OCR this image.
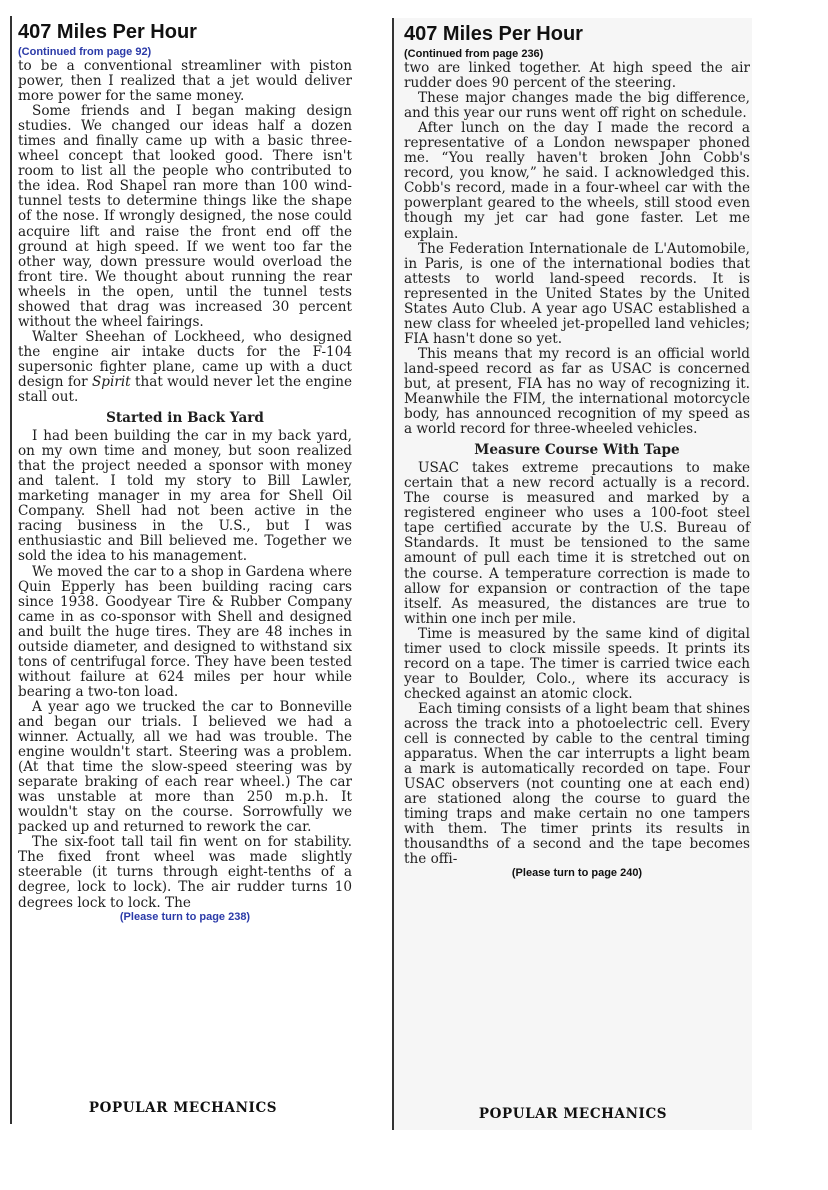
407 Miles Per Hour
(Continued from page 92)

to be a conventional streamliner with piston power, then I realized that a jet would deliver more power for the same money.

Some friends and I began making design studies. We changed our ideas half a dozen times and finally came up with a basic three-wheel concept that looked good. There isn't room to list all the people who contributed to the idea. Rod Shapel ran more than 100 wind-tunnel tests to determine things like the shape of the nose. If wrongly designed, the nose could acquire lift and raise the front end off the ground at high speed. If we went too far the other way, down pressure would overload the front tire. We thought about running the rear wheels in the open, until the tunnel tests showed that drag was increased 30 percent without the wheel fairings.

Walter Sheehan of Lockheed, who designed the engine air intake ducts for the F-104 supersonic fighter plane, came up with a duct design for Spirit that would never let the engine stall out.

Started in Back Yard

I had been building the car in my back yard, on my own time and money, but soon realized that the project needed a sponsor with money and talent. I told my story to Bill Lawler, marketing manager in my area for Shell Oil Company. Shell had not been active in the racing business in the U.S., but I was enthusiastic and Bill believed me. Together we sold the idea to his management.

We moved the car to a shop in Gardena where Quin Epperly has been building racing cars since 1938. Goodyear Tire & Rubber Company came in as co-sponsor with Shell and designed and built the huge tires. They are 48 inches in outside diameter, and designed to withstand six tons of centrifugal force. They have been tested without failure at 624 miles per hour while bearing a two-ton load.

A year ago we trucked the car to Bonneville and began our trials. I believed we had a winner. Actually, all we had was trouble. The engine wouldn't start. Steering was a problem. (At that time the slow-speed steering was by separate braking of each rear wheel.) The car was unstable at more than 250 m.p.h. It wouldn't stay on the course. Sorrowfully we packed up and returned to rework the car.

The six-foot tall tail fin went on for stability. The fixed front wheel was made slightly steerable (it turns through eight-tenths of a degree, lock to lock). The air rudder turns 10 degrees lock to lock. The

(Please turn to page 238)
POPULAR MECHANICS
407 Miles Per Hour
(Continued from page 236)

two are linked together. At high speed the air rudder does 90 percent of the steering.

These major changes made the big difference, and this year our runs went off right on schedule.

After lunch on the day I made the record a representative of a London newspaper phoned me. “You really haven't broken John Cobb's record, you know,” he said. I acknowledged this. Cobb's record, made in a four-wheel car with the powerplant geared to the wheels, still stood even though my jet car had gone faster. Let me explain.

The Federation Internationale de L'Automobile, in Paris, is one of the international bodies that attests to world land-speed records. It is represented in the United States by the United States Auto Club. A year ago USAC established a new class for wheeled jet-propelled land vehicles; FIA hasn't done so yet.

This means that my record is an official world land-speed record as far as USAC is concerned but, at present, FIA has no way of recognizing it. Meanwhile the FIM, the international motorcycle body, has announced recognition of my speed as a world record for three-wheeled vehicles.

Measure Course With Tape

USAC takes extreme precautions to make certain that a new record actually is a record. The course is measured and marked by a registered engineer who uses a 100-foot steel tape certified accurate by the U.S. Bureau of Standards. It must be tensioned to the same amount of pull each time it is stretched out on the course. A temperature correction is made to allow for expansion or contraction of the tape itself. As measured, the distances are true to within one inch per mile.

Time is measured by the same kind of digital timer used to clock missile speeds. It prints its record on a tape. The timer is carried twice each year to Boulder, Colo., where its accuracy is checked against an atomic clock.

Each timing consists of a light beam that shines across the track into a photoelectric cell. Every cell is connected by cable to the central timing apparatus. When the car interrupts a light beam a mark is automatically recorded on tape. Four USAC observers (not counting one at each end) are stationed along the course to guard the timing traps and make certain no one tampers with them. The timer prints its results in thousandths of a second and the tape becomes the offi-

(Please turn to page 240)
POPULAR MECHANICS
